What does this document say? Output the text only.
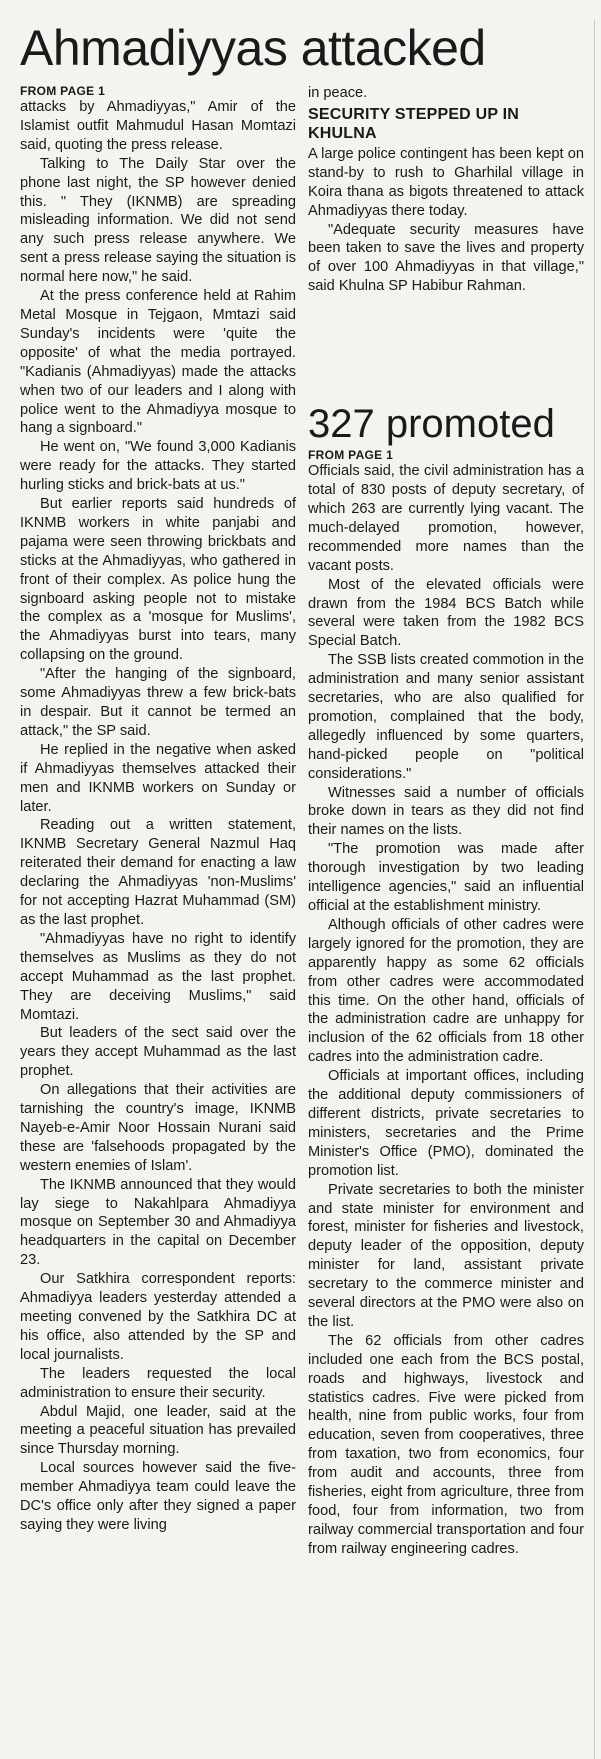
Ahmadiyyas attacked
FROM PAGE 1

attacks by Ahmadiyyas," Amir of the Islamist outfit Mahmudul Hasan Momtazi said, quoting the press release.

Talking to The Daily Star over the phone last night, the SP however denied this. " They (IKNMB) are spreading misleading information. We did not send any such press release anywhere. We sent a press release saying the situation is normal here now," he said.

At the press conference held at Rahim Metal Mosque in Tejgaon, Mmtazi said Sunday's incidents were 'quite the opposite' of what the media portrayed. "Kadianis (Ahmadiyyas) made the attacks when two of our leaders and I along with police went to the Ahmadiyya mosque to hang a signboard."

He went on, "We found 3,000 Kadianis were ready for the attacks. They started hurling sticks and brick-bats at us."

But earlier reports said hundreds of IKNMB workers in white panjabi and pajama were seen throwing brickbats and sticks at the Ahmadiyyas, who gathered in front of their complex. As police hung the signboard asking people not to mistake the complex as a 'mosque for Muslims', the Ahmadiyyas burst into tears, many collapsing on the ground.

"After the hanging of the signboard, some Ahmadiyyas threw a few brick-bats in despair. But it cannot be termed an attack," the SP said.

He replied in the negative when asked if Ahmadiyyas themselves attacked their men and IKNMB workers on Sunday or later.

Reading out a written statement, IKNMB Secretary General Nazmul Haq reiterated their demand for enacting a law declaring the Ahmadiyyas 'non-Muslims' for not accepting Hazrat Muhammad (SM) as the last prophet.

"Ahmadiyyas have no right to identify themselves as Muslims as they do not accept Muhammad as the last prophet. They are deceiving Muslims," said Momtazi.

But leaders of the sect said over the years they accept Muhammad as the last prophet.

On allegations that their activities are tarnishing the country's image, IKNMB Nayeb-e-Amir Noor Hossain Nurani said these are 'falsehoods propagated by the western enemies of Islam'.

The IKNMB announced that they would lay siege to Nakahlpara Ahmadiyya mosque on September 30 and Ahmadiyya headquarters in the capital on December 23.

Our Satkhira correspondent reports: Ahmadiyya leaders yesterday attended a meeting convened by the Satkhira DC at his office, also attended by the SP and local journalists.

The leaders requested the local administration to ensure their security.

Abdul Majid, one leader, said at the meeting a peaceful situation has prevailed since Thursday morning.

Local sources however said the five-member Ahmadiyya team could leave the DC's office only after they signed a paper saying they were living

in peace.

SECURITY STEPPED UP IN KHULNA

A large police contingent has been kept on stand-by to rush to Gharhilal village in Koira thana as bigots threatened to attack Ahmadiyyas there today.

"Adequate security measures have been taken to save the lives and property of over 100 Ahmadiyyas in that village," said Khulna SP Habibur Rahman.

327 promoted
FROM PAGE 1

Officials said, the civil administration has a total of 830 posts of deputy secretary, of which 263 are currently lying vacant. The much-delayed promotion, however, recommended more names than the vacant posts.

Most of the elevated officials were drawn from the 1984 BCS Batch while several were taken from the 1982 BCS Special Batch.

The SSB lists created commotion in the administration and many senior assistant secretaries, who are also qualified for promotion, complained that the body, allegedly influenced by some quarters, hand-picked people on "political considerations."

Witnesses said a number of officials broke down in tears as they did not find their names on the lists.

"The promotion was made after thorough investigation by two leading intelligence agencies," said an influential official at the establishment ministry.

Although officials of other cadres were largely ignored for the promotion, they are apparently happy as some 62 officials from other cadres were accommodated this time. On the other hand, officials of the administration cadre are unhappy for inclusion of the 62 officials from 18 other cadres into the administration cadre.

Officials at important offices, including the additional deputy commissioners of different districts, private secretaries to ministers, secretaries and the Prime Minister's Office (PMO), dominated the promotion list.

Private secretaries to both the minister and state minister for environment and forest, minister for fisheries and livestock, deputy leader of the opposition, deputy minister for land, assistant private secretary to the commerce minister and several directors at the PMO were also on the list.

The 62 officials from other cadres included one each from the BCS postal, roads and highways, livestock and statistics cadres. Five were picked from health, nine from public works, four from education, seven from cooperatives, three from taxation, two from economics, four from audit and accounts, three from fisheries, eight from agriculture, three from food, four from information, two from railway commercial transportation and four from railway engineering cadres.
